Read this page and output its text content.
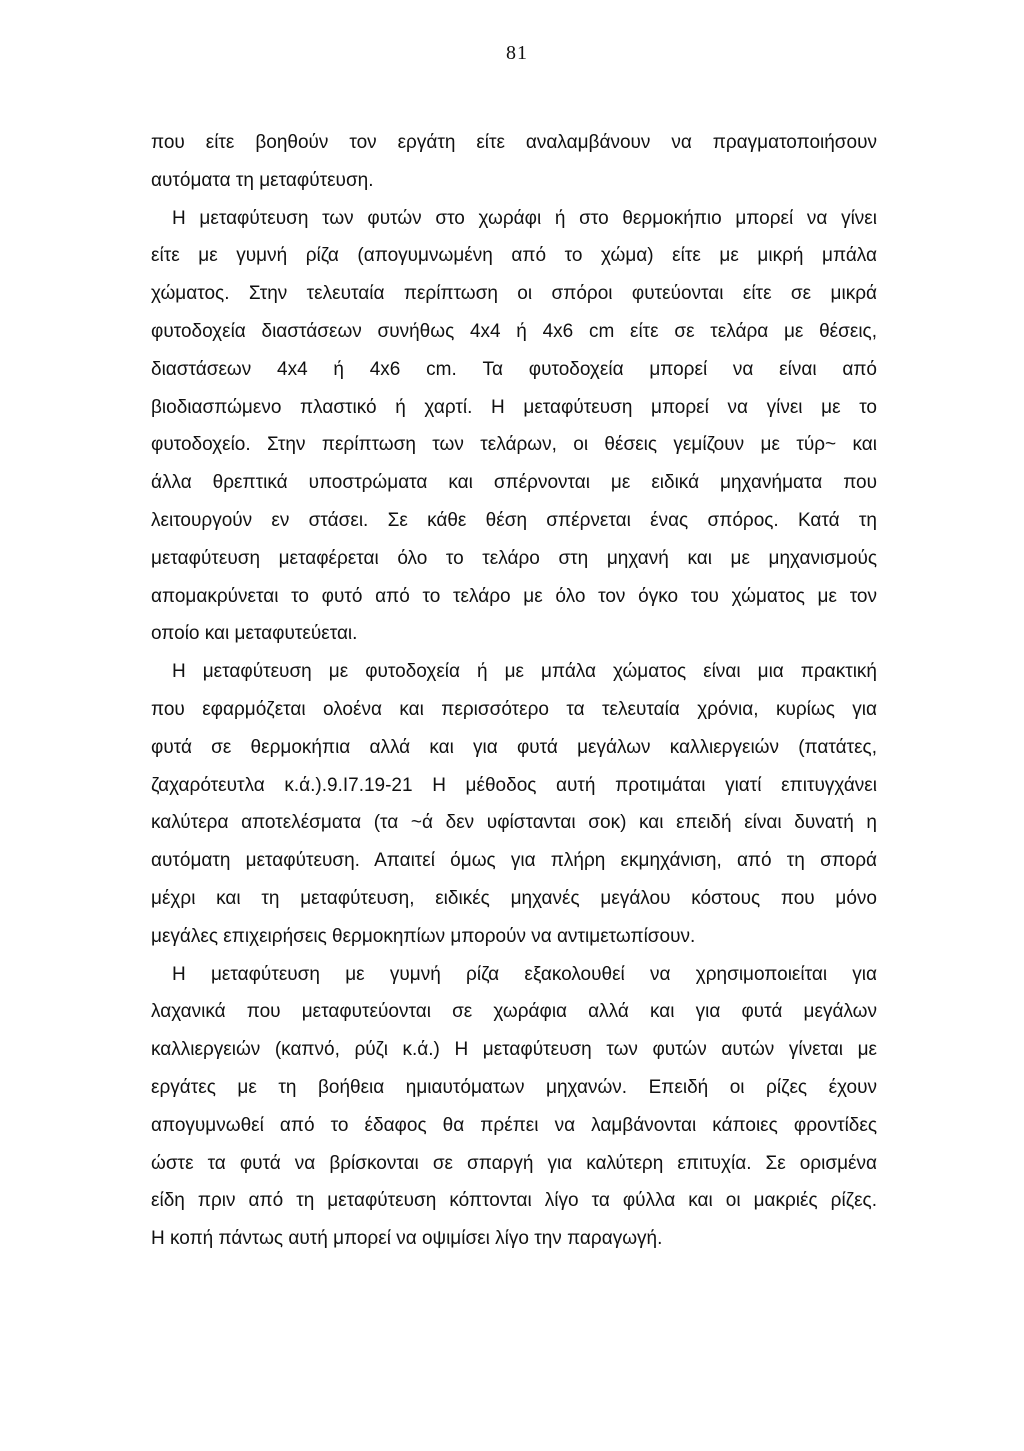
81
που είτε βοηθούν τον εργάτη είτε αναλαμβάνουν να πραγματοποιήσουν
αυτόματα τη μεταφύτευση.
Η μεταφύτευση των φυτών στο χωράφι ή στο θερμοκήπιο μπορεί να γίνει
είτε με γυμνή ρίζα (απογυμνωμένη από το χώμα) είτε με μικρή μπάλα
χώματος. Στην τελευταία περίπτωση οι σπόροι φυτεύονται είτε σε μικρά
φυτοδοχεία διαστάσεων συνήθως 4x4 ή 4x6 cm είτε σε τελάρα με θέσεις,
διαστάσεων 4x4 ή 4x6 cm. Τα φυτοδοχεία μπορεί να είναι από
βιοδιασπώμενο πλαστικό ή χαρτί. Η μεταφύτευση μπορεί να γίνει με το
φυτοδοχείο. Στην περίπτωση των τελάρων, οι θέσεις γεμίζουν με τύρ~ και
άλλα θρεπτικά υποστρώματα και σπέρνονται με ειδικά μηχανήματα που
λειτουργούν εν στάσει. Σε κάθε θέση σπέρνεται ένας σπόρος. Κατά τη
μεταφύτευση μεταφέρεται όλο το τελάρο στη μηχανή και με μηχανισμούς
απομακρύνεται το φυτό από το τελάρο με όλο τον όγκο του χώματος με τον
οποίο και μεταφυτεύεται.
Η μεταφύτευση με φυτοδοχεία ή με μπάλα χώματος είναι μια πρακτική
που εφαρμόζεται ολοένα και περισσότερο τα τελευταία χρόνια, κυρίως για
φυτά σε θερμοκήπια αλλά και για φυτά μεγάλων καλλιεργειών (πατάτες,
ζαχαρότευτλα κ.ά.).9.Ι7.19-21 Η μέθοδος αυτή προτιμάται γιατί επιτυγχάνει
καλύτερα αποτελέσματα (τα ~ά δεν υφίστανται σοκ) και επειδή είναι δυνατή η
αυτόματη μεταφύτευση. Απαιτεί όμως για πλήρη εκμηχάνιση, από τη σπορά
μέχρι και τη μεταφύτευση, ειδικές μηχανές μεγάλου κόστους που μόνο
μεγάλες επιχειρήσεις θερμοκηπίων μπορούν να αντιμετωπίσουν.
Η μεταφύτευση με γυμνή ρίζα εξακολουθεί να χρησιμοποιείται για
λαχανικά που μεταφυτεύονται σε χωράφια αλλά και για φυτά μεγάλων
καλλιεργειών (καπνό, ρύζι κ.ά.) Η μεταφύτευση των φυτών αυτών γίνεται με
εργάτες με τη βοήθεια ημιαυτόματων μηχανών. Επειδή οι ρίζες έχουν
απογυμνωθεί από το έδαφος θα πρέπει να λαμβάνονται κάποιες φροντίδες
ώστε τα φυτά να βρίσκονται σε σπαργή για καλύτερη επιτυχία. Σε ορισμένα
είδη πριν από τη μεταφύτευση κόπτονται λίγο τα φύλλα και οι μακριές ρίζες.
Η κοπή πάντως αυτή μπορεί να οψιμίσει λίγο την παραγωγή.
